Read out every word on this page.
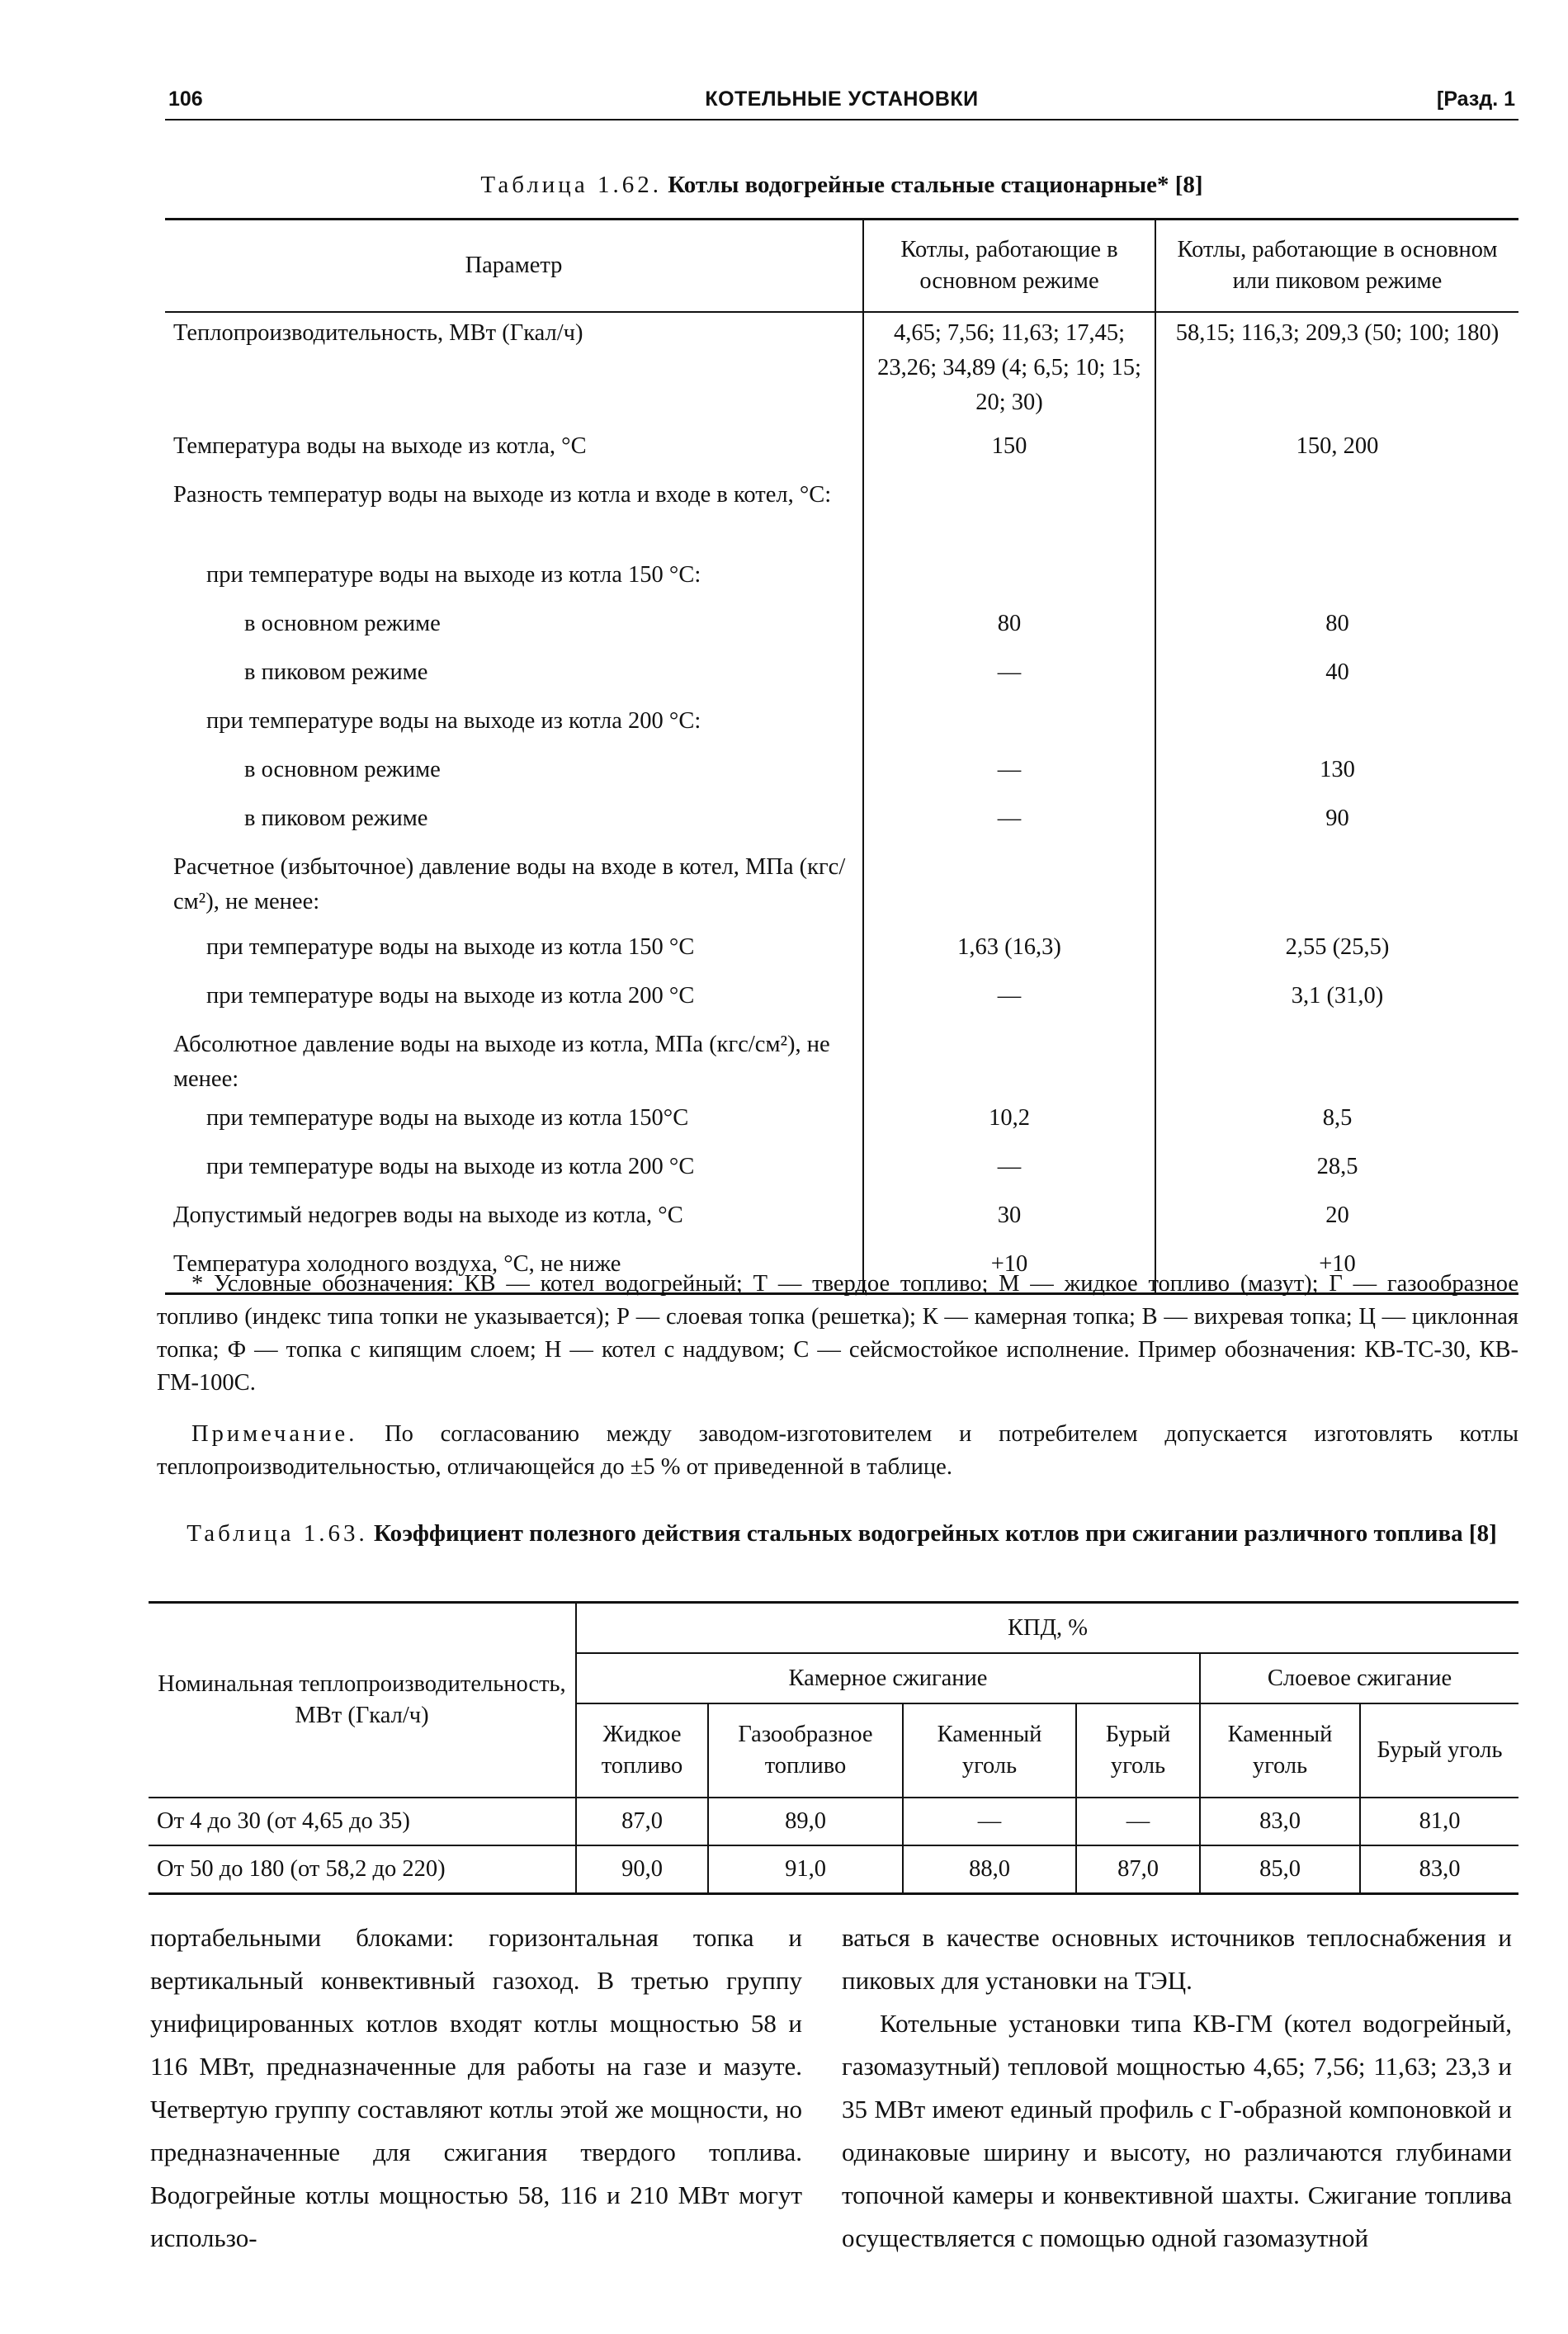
106	КОТЕЛЬНЫЕ УСТАНОВКИ	[Разд. 1
Таблица 1.62. Котлы водогрейные стальные стационарные* [8]
Параметр	Котлы, работающие в основном режиме	Котлы, работающие в основном или пиковом режиме
Теплопроизводительность, МВт (Гкал/ч)	4,65; 7,56; 11,63; 17,45; 23,26; 34,89 (4; 6,5; 10; 15; 20; 30)	58,15; 116,3; 209,3 (50; 100; 180)
Температура воды на выходе из котла, °C	150	150, 200
Разность температур воды на выходе из котла и входе в котел, °C:		
при температуре воды на выходе из котла 150 °C:		
в основном режиме	80	80
в пиковом режиме	—	40
при температуре воды на выходе из котла 200 °C:		
в основном режиме	—	130
в пиковом режиме	—	90
Расчетное (избыточное) давление воды на входе в котел, МПа (кгс/см²), не менее:		
при температуре воды на выходе из котла 150 °C	1,63 (16,3)	2,55 (25,5)
при температуре воды на выходе из котла 200 °C	—	3,1 (31,0)
Абсолютное давление воды на выходе из котла, МПа (кгс/см²), не менее:		
при температуре воды на выходе из котла 150°C	10,2	8,5
при температуре воды на выходе из котла 200 °C	—	28,5
Допустимый недогрев воды на выходе из котла, °C	30	20
Температура холодного воздуха, °C, не ниже	+10	+10
* Условные обозначения: КВ — котел водогрейный; Т — твердое топливо; М — жидкое топливо (мазут); Г — газообразное топливо (индекс типа топки не указывается); Р — слоевая топка (решетка); К — камерная топка; В — вихревая топка; Ц — циклонная топка; Ф — топка с кипящим слоем; Н — котел с наддувом; С — сейсмостойкое исполнение. Пример обозначения: КВ-ТС-30, КВ-ГМ-100С.
Примечание. По согласованию между заводом-изготовителем и потребителем допускается изготовлять котлы теплопроизводительностью, отличающейся до ±5 % от приведенной в таблице.
Таблица 1.63. Коэффициент полезного действия стальных водогрейных котлов при сжигании различного топлива [8]
Номинальная теплопроизводительность, МВт (Гкал/ч)	КПД, %					
	Камерное сжигание				Слоевое сжигание	
	Жидкое топливо	Газообразное топливо	Каменный уголь	Бурый уголь	Каменный уголь	Бурый уголь
От 4 до 30 (от 4,65 до 35)	87,0	89,0	—	—	83,0	81,0
От 50 до 180 (от 58,2 до 220)	90,0	91,0	88,0	87,0	85,0	83,0
портабельными блоками: горизонтальная топка и вертикальный конвективный газоход. В третью группу унифицированных котлов входят котлы мощностью 58 и 116 МВт, предназначенные для работы на газе и мазуте. Четвертую группу составляют котлы этой же мощности, но предназначенные для сжигания твердого топлива. Водогрейные котлы мощностью 58, 116 и 210 МВт могут использо-

ваться в качестве основных источников теплоснабжения и пиковых для установки на ТЭЦ.

Котельные установки типа КВ-ГМ (котел водогрейный, газомазутный) тепловой мощностью 4,65; 7,56; 11,63; 23,3 и 35 МВт имеют единый профиль с Г-образной компоновкой и одинаковые ширину и высоту, но различаются глубинами топочной камеры и конвективной шахты. Сжигание топлива осуществляется с помощью одной газомазутной
